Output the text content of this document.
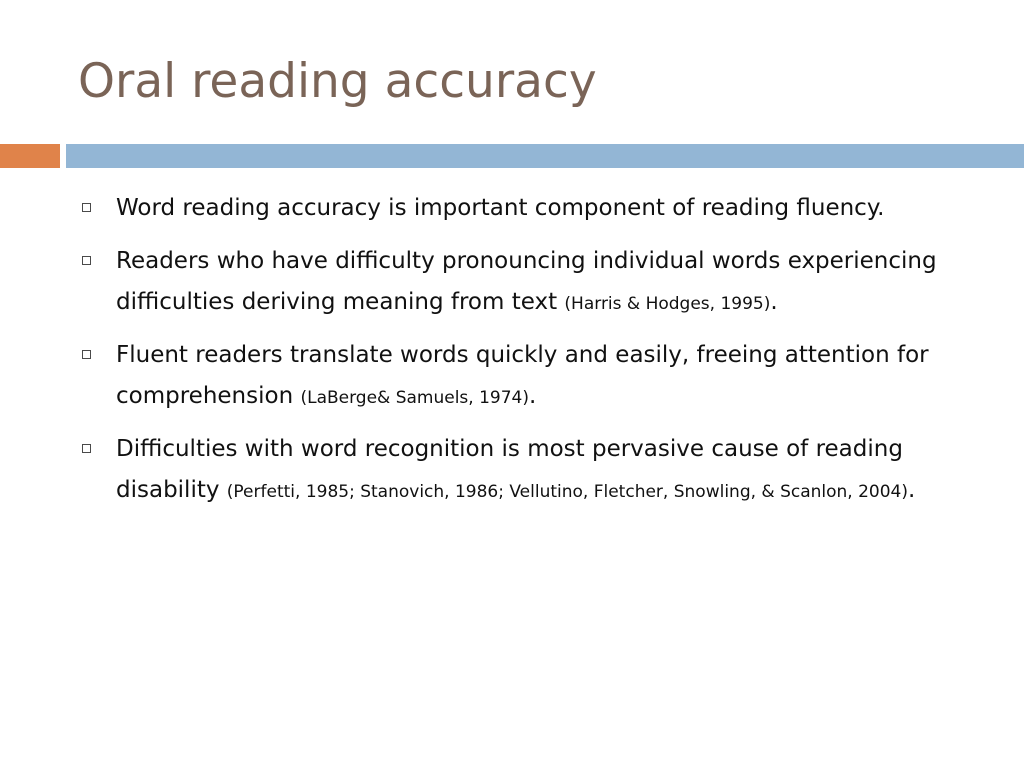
Oral reading accuracy
Word reading accuracy is important component of reading fluency.
Readers who have difficulty pronouncing individual words experiencing difficulties deriving meaning from text (Harris & Hodges, 1995).
Fluent readers translate words quickly and easily, freeing attention for comprehension (LaBerge& Samuels, 1974).
Difficulties with word recognition is most pervasive cause of reading disability (Perfetti, 1985; Stanovich, 1986; Vellutino, Fletcher, Snowling, & Scanlon, 2004).
